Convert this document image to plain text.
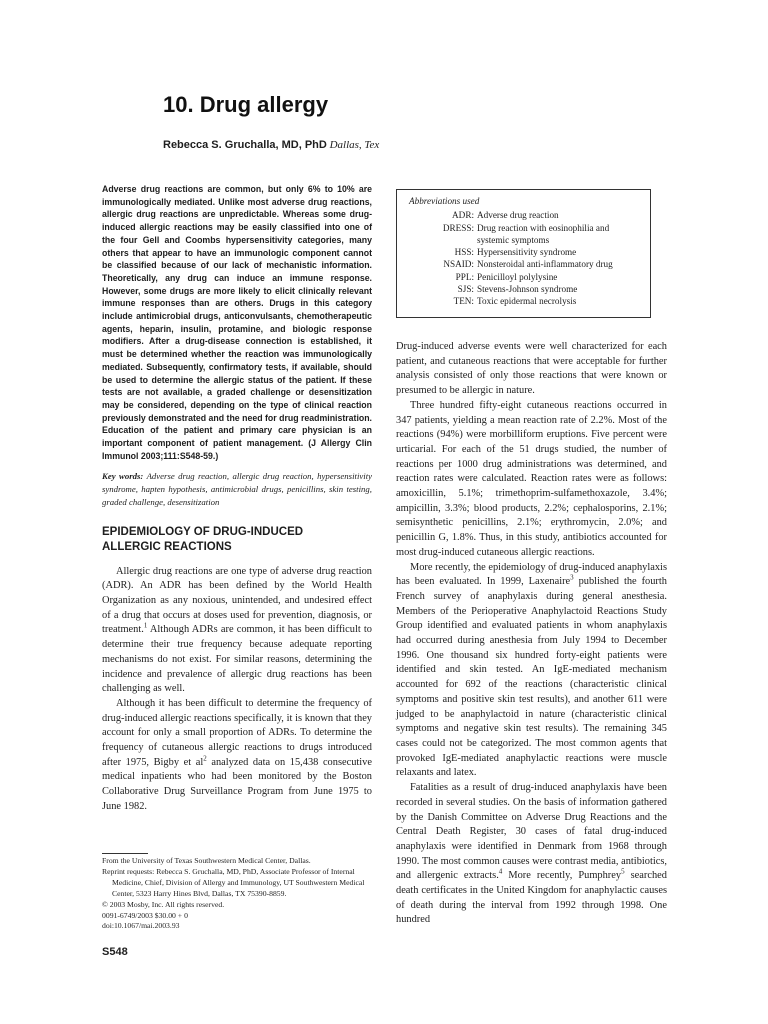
10. Drug allergy
Rebecca S. Gruchalla, MD, PhD Dallas, Tex

Adverse drug reactions are common, but only 6% to 10% are immunologically mediated. Unlike most adverse drug reactions, allergic drug reactions are unpredictable. Whereas some drug-induced allergic reactions may be easily classified into one of the four Gell and Coombs hypersensitivity categories, many others that appear to have an immunologic component cannot be classified because of our lack of mechanistic information. Theoretically, any drug can induce an immune response. However, some drugs are more likely to elicit clinically relevant immune responses than are others. Drugs in this category include antimicrobial drugs, anticonvulsants, chemotherapeutic agents, heparin, insulin, protamine, and biologic response modifiers. After a drug-disease connection is established, it must be determined whether the reaction was immunologically mediated. Subsequently, confirmatory tests, if available, should be used to determine the allergic status of the patient. If these tests are not available, a graded challenge or desensitization may be considered, depending on the type of clinical reaction previously demonstrated and the need for drug readministration. Education of the patient and primary care physician is an important component of patient management. (J Allergy Clin Immunol 2003;111:S548-59.)

Key words: Adverse drug reaction, allergic drug reaction, hypersensitivity syndrome, hapten hypothesis, antimicrobial drugs, penicillins, skin testing, graded challenge, desensitization

EPIDEMIOLOGY OF DRUG-INDUCED ALLERGIC REACTIONS

Allergic drug reactions are one type of adverse drug reaction (ADR). An ADR has been defined by the World Health Organization as any noxious, unintended, and undesired effect of a drug that occurs at doses used for prevention, diagnosis, or treatment.$^1$ Although ADRs are common, it has been difficult to determine their true frequency because adequate reporting mechanisms do not exist. For similar reasons, determining the incidence and prevalence of allergic drug reactions has been challenging as well.

Although it has been difficult to determine the frequency of drug-induced allergic reactions specifically, it is known that they account for only a small proportion of ADRs. To determine the frequency of cutaneous allergic reactions to drugs introduced after 1975, Bigby et $al^2$ analyzed data on 15,438 consecutive medical inpatients who had been monitored by the Boston Collaborative Drug Surveillance Program from June 1975 to June 1982.

Abbreviations used
ADR: Adverse drug reaction
DRESS: Drug reaction with eosinophilia and systemic symptoms
HSS: Hypersensitivity syndrome
NSAID: Nonsteroidal anti-inflammatory drug
PPL: Penicilloyl polylysine
SJS: Stevens-Johnson syndrome
TEN: Toxic epidermal necrolysis

Drug-induced adverse events were well characterized for each patient, and cutaneous reactions that were acceptable for further analysis consisted of only those reactions that were known or presumed to be allergic in nature.

Three hundred fifty-eight cutaneous reactions occurred in 347 patients, yielding a mean reaction rate of 2.2%. Most of the reactions (94%) were morbilliform eruptions. Five percent were urticarial. For each of the 51 drugs studied, the number of reactions per 1000 drug administrations was determined, and reaction rates were calculated. Reaction rates were as follows: amoxicillin, 5.1%; trimethoprim-sulfamethoxazole, 3.4%; ampicillin, 3.3%; blood products, 2.2%; cephalosporins, 2.1%; semisynthetic penicillins, 2.1%; erythromycin, 2.0%; and penicillin G, 1.8%. Thus, in this study, antibiotics accounted for most drug-induced cutaneous allergic reactions.

More recently, the epidemiology of drug-induced anaphylaxis has been evaluated. In 1999, Laxenaire$^3$ published the fourth French survey of anaphylaxis during general anesthesia. Members of the Perioperative Anaphylactoid Reactions Study Group identified and evaluated patients in whom anaphylaxis had occurred during anesthesia from July 1994 to December 1996. One thousand six hundred forty-eight patients were identified and skin tested. An IgE-mediated mechanism accounted for 692 of the reactions (characteristic clinical symptoms and positive skin test results), and another 611 were judged to be anaphylactoid in nature (characteristic clinical symptoms and negative skin test results). The remaining 345 cases could not be categorized. The most common agents that provoked IgE-mediated anaphylactic reactions were muscle relaxants and latex.

Fatalities as a result of drug-induced anaphylaxis have been recorded in several studies. On the basis of information gathered by the Danish Committee on Adverse Drug Reactions and the Central Death Register, 30 cases of fatal drug-induced anaphylaxis were identified in Denmark from 1968 through 1990. The most common causes were contrast media, antibiotics, and allergenic extracts.$^4$ More recently, Pumphrey$^5$ searched death certificates in the United Kingdom for anaphylactic causes of death during the interval from 1992 through 1998. One hundred

From the University of Texas Southwestern Medical Center, Dallas.

Reprint requests: Rebecca S. Gruchalla, MD, PhD, Associate Professor of Internal Medicine, Chief, Division of Allergy and Immunology, UT Southwestern Medical Center, 5323 Harry Hines Blvd, Dallas, TX 75390-8859.

© 2003 Mosby, Inc. All rights reserved.

0091-6749/2003 $30.00 + 0

doi:10.1067/mai.2003.93

S548
